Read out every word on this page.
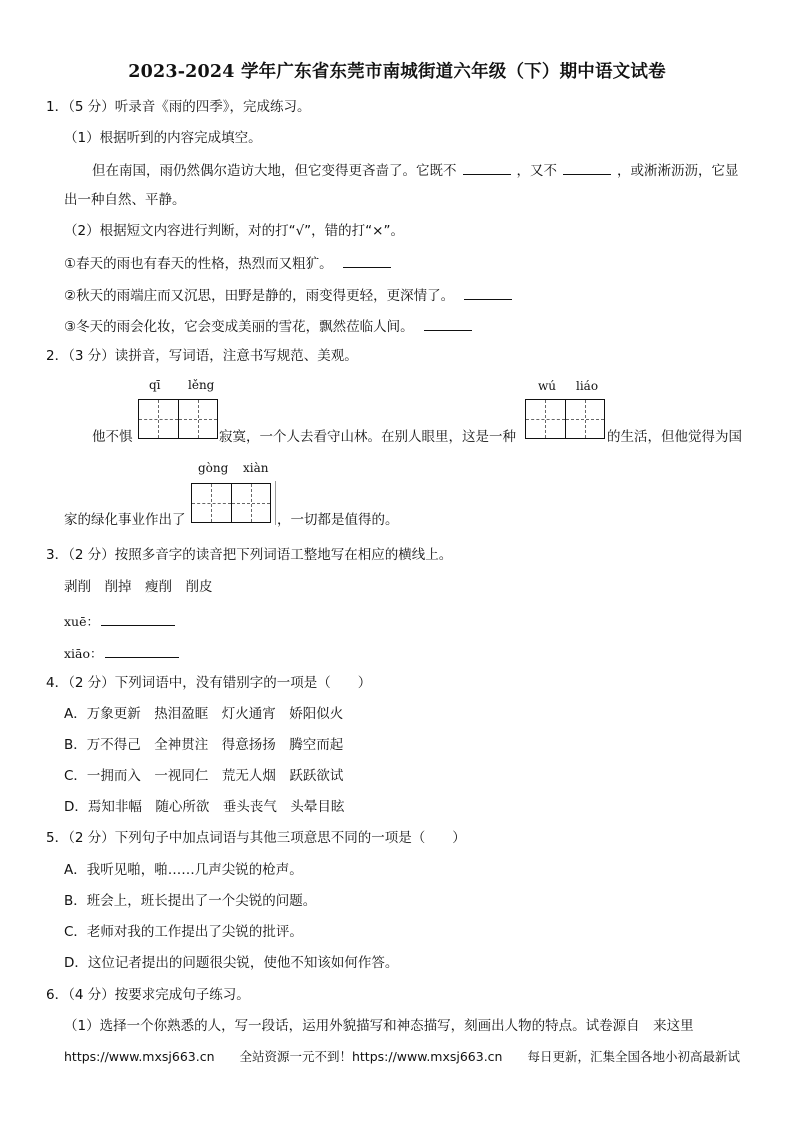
2023-2024 学年广东省东莞市南城街道六年级（下）期中语文试卷
1．（5 分）听录音《雨的四季》，完成练习。
（1）根据听到的内容完成填空。
但在南国，雨仍然偶尔造访大地，但它变得更吝啬了。它既不	，又不	，或淅淅沥沥，它显
出一种自然、平静。
（2）根据短文内容进行判断，对的打“√”，错的打“×”。
①春天的雨也有春天的性格，热烈而又粗犷。
②秋天的雨端庄而又沉思，田野是静的，雨变得更轻，更深情了。
③冬天的雨会化妆，它会变成美丽的雪花，飘然莅临人间。
2．（3 分）读拼音，写词语，注意书写规范、美观。
qī lěng	wú liáo
他不惧	寂寞，一个人去看守山林。在别人眼里，这是一种	的生活，但他觉得为国
gòng xiàn
家的绿化事业作出了	，一切都是值得的。
3．（2 分）按照多音字的读音把下列词语工整地写在相应的横线上。
剥削　削掉　瘦削　削皮
xuē：
xiāo：
4．（2 分）下列词语中，没有错别字的一项是（　　）
A．万象更新　热泪盈眶　灯火通宵　娇阳似火
B．万不得己　全神贯注　得意扬扬　腾空而起
C．一拥而入　一视同仁　荒无人烟　跃跃欲试
D．焉知非幅　随心所欲　垂头丧气　头晕目眩
5．（2 分）下列句子中加点词语与其他三项意思不同的一项是（　　）
A．我听见啪，啪……几声尖锐的枪声。
B．班会上，班长提出了一个尖锐的问题。
C．老师对我的工作提出了尖锐的批评。
D．这位记者提出的问题很尖锐，使他不知该如何作答。
6．（4 分）按要求完成句子练习。
（1）选择一个你熟悉的人，写一段话，运用外貌描写和神态描写，刻画出人物的特点。试卷源自　来这里
https://www.mxsj663.cn　　全站资源一元不到！https://www.mxsj663.cn　　每日更新，汇集全国各地小初高最新试
